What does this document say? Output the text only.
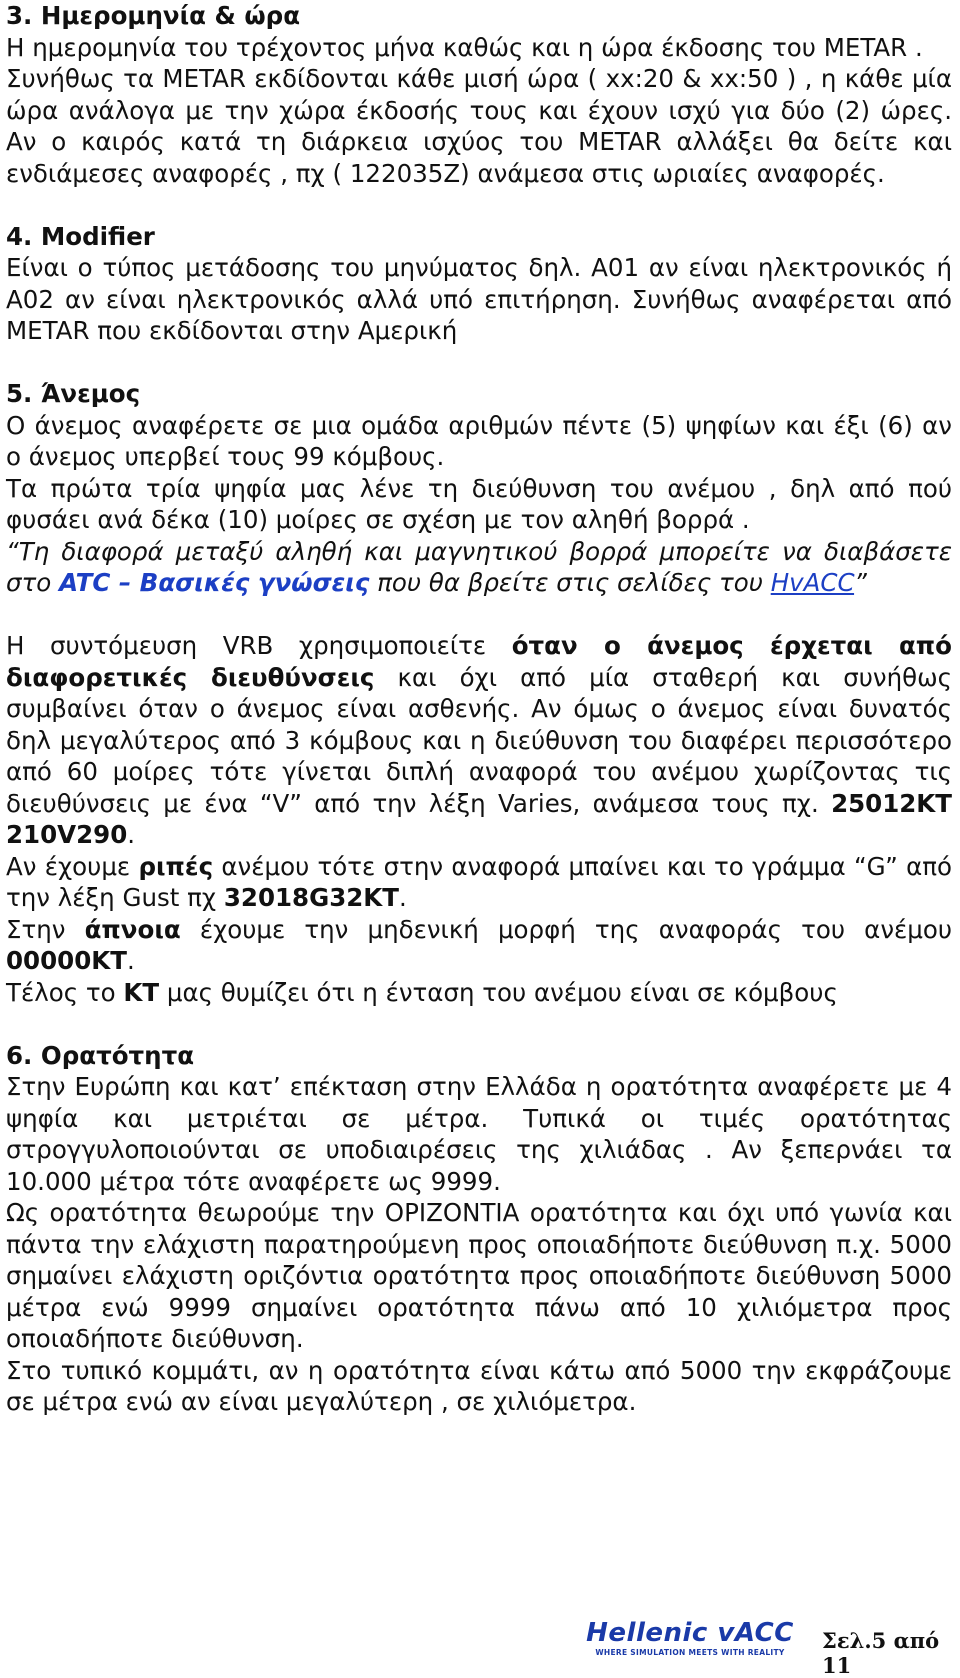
3. Ημερομηνία & ώρα

Η ημερομηνία του τρέχοντος μήνα καθώς και η ώρα έκδοσης του METAR .

Συνήθως τα METAR εκδίδονται κάθε μισή ώρα ( xx:20 & xx:50 ) , η κάθε μία ώρα ανάλογα με την χώρα έκδοσής τους και έχουν ισχύ για δύο (2) ώρες. Αν ο καιρός κατά τη διάρκεια ισχύος του METAR αλλάξει θα δείτε και ενδιάμεσες αναφορές , πχ ( 122035Z) ανάμεσα στις ωριαίες αναφορές.

4. Modifier

Είναι ο τύπος μετάδοσης του μηνύματος δηλ. Α01 αν είναι ηλεκτρονικός ή Α02 αν είναι ηλεκτρονικός αλλά υπό επιτήρηση. Συνήθως αναφέρεται από METAR που εκδίδονται στην Αμερική

5. Άνεμος

Ο άνεμος αναφέρετε σε μια ομάδα αριθμών πέντε (5) ψηφίων και έξι (6) αν ο άνεμος υπερβεί τους 99 κόμβους.

Τα πρώτα τρία ψηφία μας λένε τη διεύθυνση του ανέμου , δηλ από πού φυσάει ανά δέκα (10) μοίρες σε σχέση με τον αληθή βορρά .

“Τη διαφορά μεταξύ αληθή και μαγνητικού βορρά μπορείτε να διαβάσετε στο ATC – Βασικές γνώσεις που θα βρείτε στις σελίδες του HvACC”

Η συντόμευση VRB χρησιμοποιείτε όταν ο άνεμος έρχεται από διαφορετικές διευθύνσεις και όχι από μία σταθερή και συνήθως συμβαίνει όταν ο άνεμος είναι ασθενής. Αν όμως ο άνεμος είναι δυνατός δηλ μεγαλύτερος από 3 κόμβους και η διεύθυνση του διαφέρει περισσότερο από 60 μοίρες τότε γίνεται διπλή αναφορά του ανέμου χωρίζοντας τις διευθύνσεις με ένα “V” από την λέξη Varies, ανάμεσα τους πχ. 25012KT 210V290.

Αν έχουμε ριπές ανέμου τότε στην αναφορά μπαίνει και το γράμμα “G” από την λέξη Gust πχ 32018G32KT.

Στην άπνοια έχουμε την μηδενική μορφή της αναφοράς του ανέμου 00000KT.

Τέλος το KT μας θυμίζει ότι η ένταση του ανέμου είναι σε κόμβους

6. Ορατότητα

Στην Ευρώπη και κατ’ επέκταση στην Ελλάδα η ορατότητα αναφέρετε με 4 ψηφία και μετριέται σε μέτρα. Τυπικά οι τιμές ορατότητας στρογγυλοποιούνται σε υποδιαιρέσεις της χιλιάδας . Αν ξεπερνάει τα 10.000 μέτρα τότε αναφέρετε ως 9999.

Ως ορατότητα θεωρούμε την ΟΡΙΖΟΝΤΙΑ ορατότητα και όχι υπό γωνία και πάντα την ελάχιστη παρατηρούμενη προς οποιαδήποτε διεύθυνση π.χ. 5000 σημαίνει ελάχιστη οριζόντια ορατότητα προς οποιαδήποτε διεύθυνση 5000 μέτρα ενώ 9999 σημαίνει ορατότητα πάνω από 10 χιλιόμετρα προς οποιαδήποτε διεύθυνση.

Στο τυπικό κομμάτι, αν η ορατότητα είναι κάτω από 5000 την εκφράζουμε σε μέτρα ενώ αν είναι μεγαλύτερη , σε χιλιόμετρα.

Hellenic vACC
WHERE SIMULATION MEETS WITH REALITY	Σελ.5 από 11
